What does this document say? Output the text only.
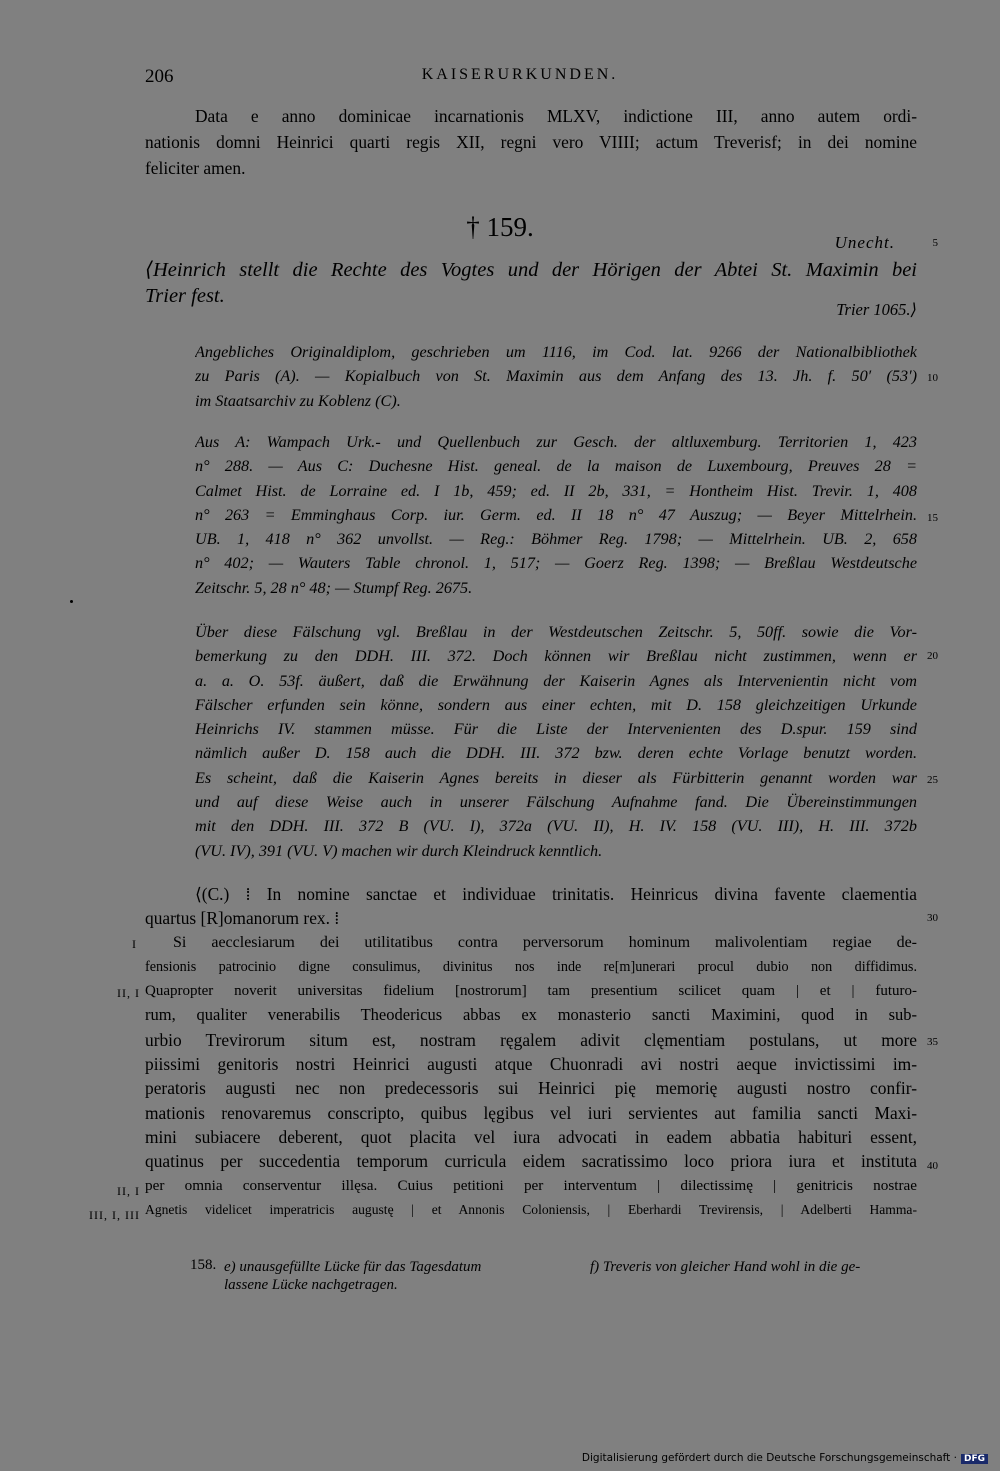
206	KAISERURKUNDEN.
Data e anno dominicae incarnationis MLXV, indictione III, anno autem ordi-
nationis domni Heinrici quarti regis XII, regni vero VIIII; actum Treverisf; in dei nomine
feliciter amen.
† 159.
Unecht.	5
⟨Heinrich stellt die Rechte des Vogtes und der Hörigen der Abtei St. Maximin bei
Trier fest.
Trier 1065.⟩
Angebliches Originaldiplom, geschrieben um 1116, im Cod. lat. 9266 der Nationalbibliothek
zu Paris (A). — Kopialbuch von St. Maximin aus dem Anfang des 13. Jh. f. 50′ (53′)
im Staatsarchiv zu Koblenz (C).
10
Aus A: Wampach Urk.- und Quellenbuch zur Gesch. der altluxemburg. Territorien 1, 423
n° 288. — Aus C: Duchesne Hist. geneal. de la maison de Luxembourg, Preuves 28 =
Calmet Hist. de Lorraine ed. I 1b, 459; ed. II 2b, 331, = Hontheim Hist. Trevir. 1, 408
n° 263 = Emminghaus Corp. iur. Germ. ed. II 18 n° 47 Auszug; — Beyer Mittelrhein.
UB. 1, 418 n° 362 unvollst. — Reg.: Böhmer Reg. 1798; — Mittelrhein. UB. 2, 658
n° 402; — Wauters Table chronol. 1, 517; — Goerz Reg. 1398; — Breßlau Westdeutsche
Zeitschr. 5, 28 n° 48; — Stumpf Reg. 2675.
15
Über diese Fälschung vgl. Breßlau in der Westdeutschen Zeitschr. 5, 50ff. sowie die Vor-
bemerkung zu den DDH. III. 372. Doch können wir Breßlau nicht zustimmen, wenn er
a. a. O. 53f. äußert, daß die Erwähnung der Kaiserin Agnes als Intervenientin nicht vom
Fälscher erfunden sein könne, sondern aus einer echten, mit D. 158 gleichzeitigen Urkunde
Heinrichs IV. stammen müsse. Für die Liste der Intervenienten des D.spur. 159 sind
nämlich außer D. 158 auch die DDH. III. 372 bzw. deren echte Vorlage benutzt worden.
Es scheint, daß die Kaiserin Agnes bereits in dieser als Fürbitterin genannt worden war
und auf diese Weise auch in unserer Fälschung Aufnahme fand. Die Übereinstimmungen
mit den DDH. III. 372 B (VU. I), 372a (VU. II), H. IV. 158 (VU. III), H. III. 372b
(VU. IV), 391 (VU. V) machen wir durch Kleindruck kenntlich.
20
25
⟨(C.) ⁞ In nomine sanctae et individuae trinitatis. Heinricus divina favente claementia
quartus [R]omanorum rex. ⁞
Si aecclesiarum dei utilitatibus contra perversorum hominum malivolentiam regiae de-
fensionis patrocinio digne consulimus, divinitus nos inde re[m]unerari procul dubio non diffidimus.
Quapropter noverit universitas fidelium [nostrorum] tam presentium scilicet quam | et | futuro-
rum, qualiter venerabilis Theodericus abbas ex monasterio sancti Maximini, quod in sub-
urbio Trevirorum situm est, nostram ręgalem adivit clęmentiam postulans, ut more
piissimi genitoris nostri Heinrici augusti atque Chuonradi avi nostri aeque invictissimi im-
peratoris augusti nec non predecessoris sui Heinrici pię memorię augusti nostro confir-
mationis renovaremus conscripto, quibus lęgibus vel iuri servientes aut familia sancti Maxi-
mini subiacere deberent, quot placita vel iura advocati in eadem abbatia habituri essent,
quatinus per succedentia temporum curricula eidem sacratissimo loco priora iura et instituta
per omnia conserventur illęsa. Cuius petitioni per interventum | dilectissimę | genitricis nostrae
Agnetis videlicet imperatricis augustę | et Annonis Coloniensis, | Eberhardi Trevirensis, | Adelberti Hamma-
I
II, I
II, I
III, I, III
30
35
40
158. e) unausgefüllte Lücke für das Tagesdatum
lassene Lücke nachgetragen.
f) Treveris von gleicher Hand wohl in die ge-
Digitalisierung gefördert durch die Deutsche Forschungsgemeinschaft · DFG
